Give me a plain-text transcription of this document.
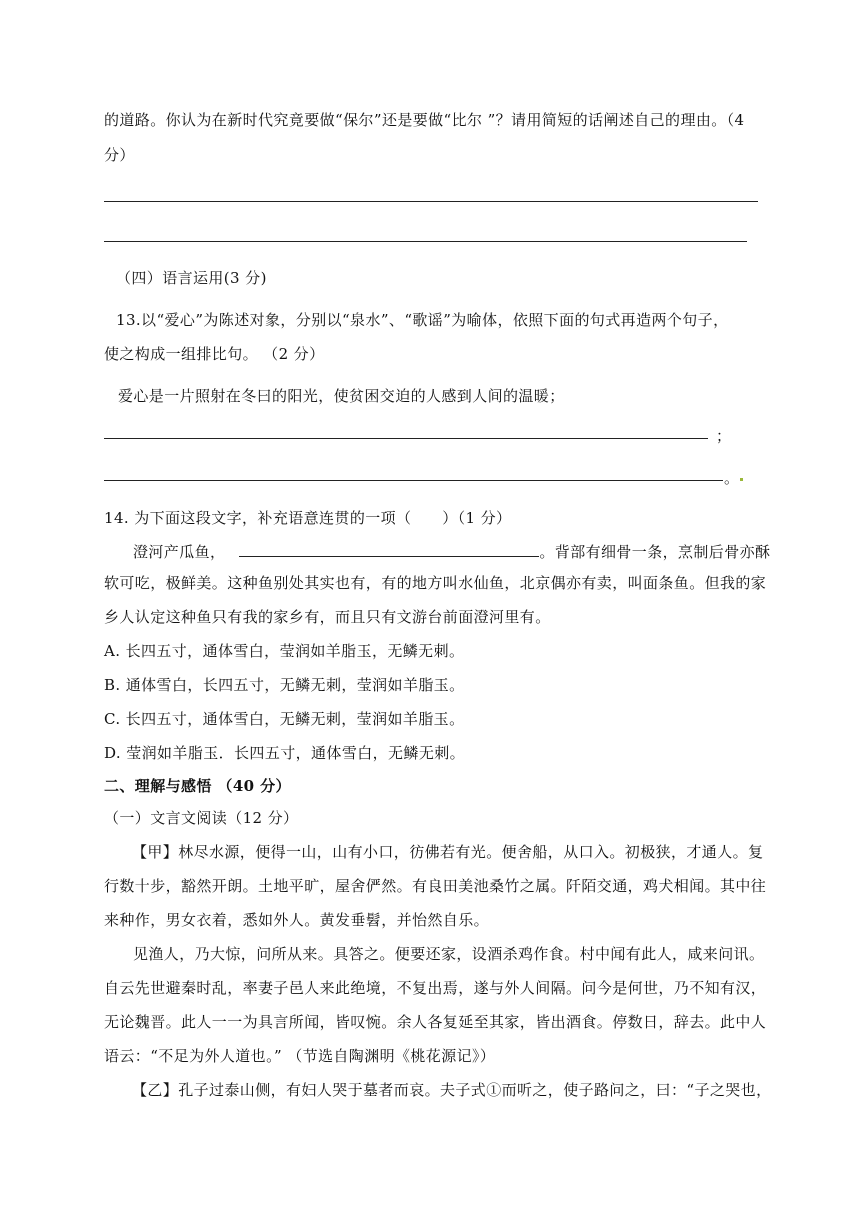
的道路。你认为在新时代究竟要做“保尔”还是要做“比尔 ”？请用简短的话阐述自己的理由。（4
分）
（四）语言运用(3 分)
13.以“爱心”为陈述对象，分别以“泉水”、“歌谣”为喻体，依照下面的句式再造两个句子，
使之构成一组排比句。 （2 分）
爱心是一片照射在冬曰的阳光，使贫困交迫的人感到人间的温暖；
；
。
14. 为下面这段文字，补充语意连贯的一项（　　）（1 分）
澄河产瓜鱼，	。背部有细骨一条，烹制后骨亦酥
软可吃，极鲜美。这种鱼别处其实也有，有的地方叫水仙鱼，北京偶亦有卖，叫面条鱼。但我的家
乡人认定这种鱼只有我的家乡有，而且只有文游台前面澄河里有。
A. 长四五寸，通体雪白，莹润如羊脂玉，无鳞无刺。
B. 通体雪白，长四五寸，无鳞无刺，莹润如羊脂玉。
C. 长四五寸，通体雪白，无鳞无刺，莹润如羊脂玉。
D. 莹润如羊脂玉．长四五寸，通体雪白，无鳞无刺。
二、理解与感悟 （40 分）
（一）文言文阅读（12 分）
【甲】林尽水源，便得一山，山有小口，彷佛若有光。便舍船，从口入。初极狭，才通人。复
行数十步，豁然开朗。土地平旷，屋舍俨然。有良田美池桑竹之属。阡陌交通，鸡犬相闻。其中往
来种作，男女衣着，悉如外人。黄发垂髫，并怡然自乐。
见渔人，乃大惊，问所从来。具答之。便要还家，设酒杀鸡作食。村中闻有此人，咸来问讯。
自云先世避秦时乱，率妻子邑人来此绝境，不复出焉，遂与外人间隔。问今是何世，乃不知有汉，
无论魏晋。此人一一为具言所闻，皆叹惋。余人各复延至其家，皆出酒食。停数日，辞去。此中人
语云：“不足为外人道也。” （节选自陶渊明《桃花源记》）
【乙】孔子过泰山侧，有妇人哭于墓者而哀。夫子式①而听之，使子路问之，曰：“子之哭也，
